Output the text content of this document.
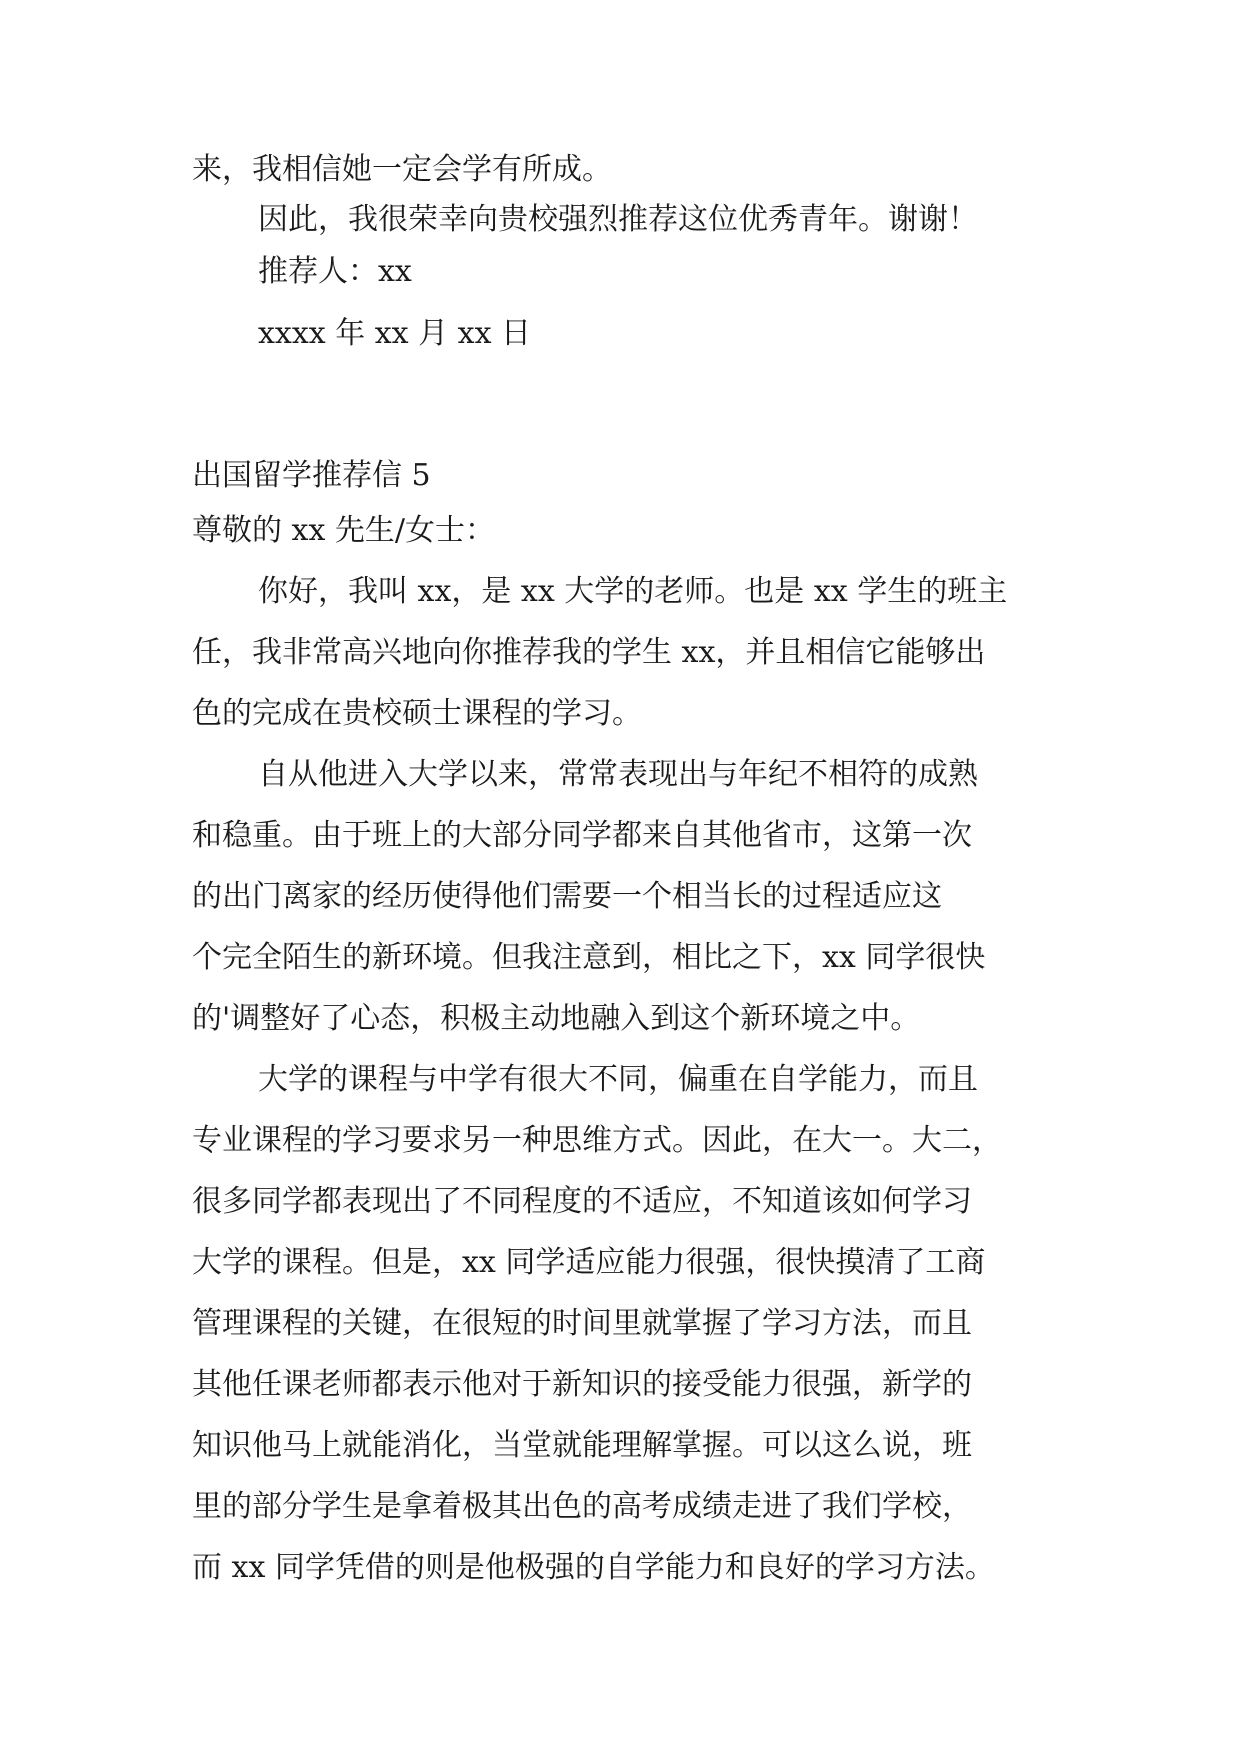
来，我相信她一定会学有所成。
因此，我很荣幸向贵校强烈推荐这位优秀青年。谢谢！
推荐人：xx
xxxx 年 xx 月 xx 日
出国留学推荐信 5
尊敬的 xx 先生/女士：
你好，我叫 xx，是 xx 大学的老师。也是 xx 学生的班主
任，我非常高兴地向你推荐我的学生 xx，并且相信它能够出
色的完成在贵校硕士课程的学习。
自从他进入大学以来，常常表现出与年纪不相符的成熟
和稳重。由于班上的大部分同学都来自其他省市，这第一次
的出门离家的经历使得他们需要一个相当长的过程适应这
个完全陌生的新环境。但我注意到，相比之下，xx 同学很快
的'调整好了心态，积极主动地融入到这个新环境之中。
大学的课程与中学有很大不同，偏重在自学能力，而且
专业课程的学习要求另一种思维方式。因此，在大一。大二，
很多同学都表现出了不同程度的不适应，不知道该如何学习
大学的课程。但是，xx 同学适应能力很强，很快摸清了工商
管理课程的关键，在很短的时间里就掌握了学习方法，而且
其他任课老师都表示他对于新知识的接受能力很强，新学的
知识他马上就能消化，当堂就能理解掌握。可以这么说，班
里的部分学生是拿着极其出色的高考成绩走进了我们学校，
而 xx 同学凭借的则是他极强的自学能力和良好的学习方法。
